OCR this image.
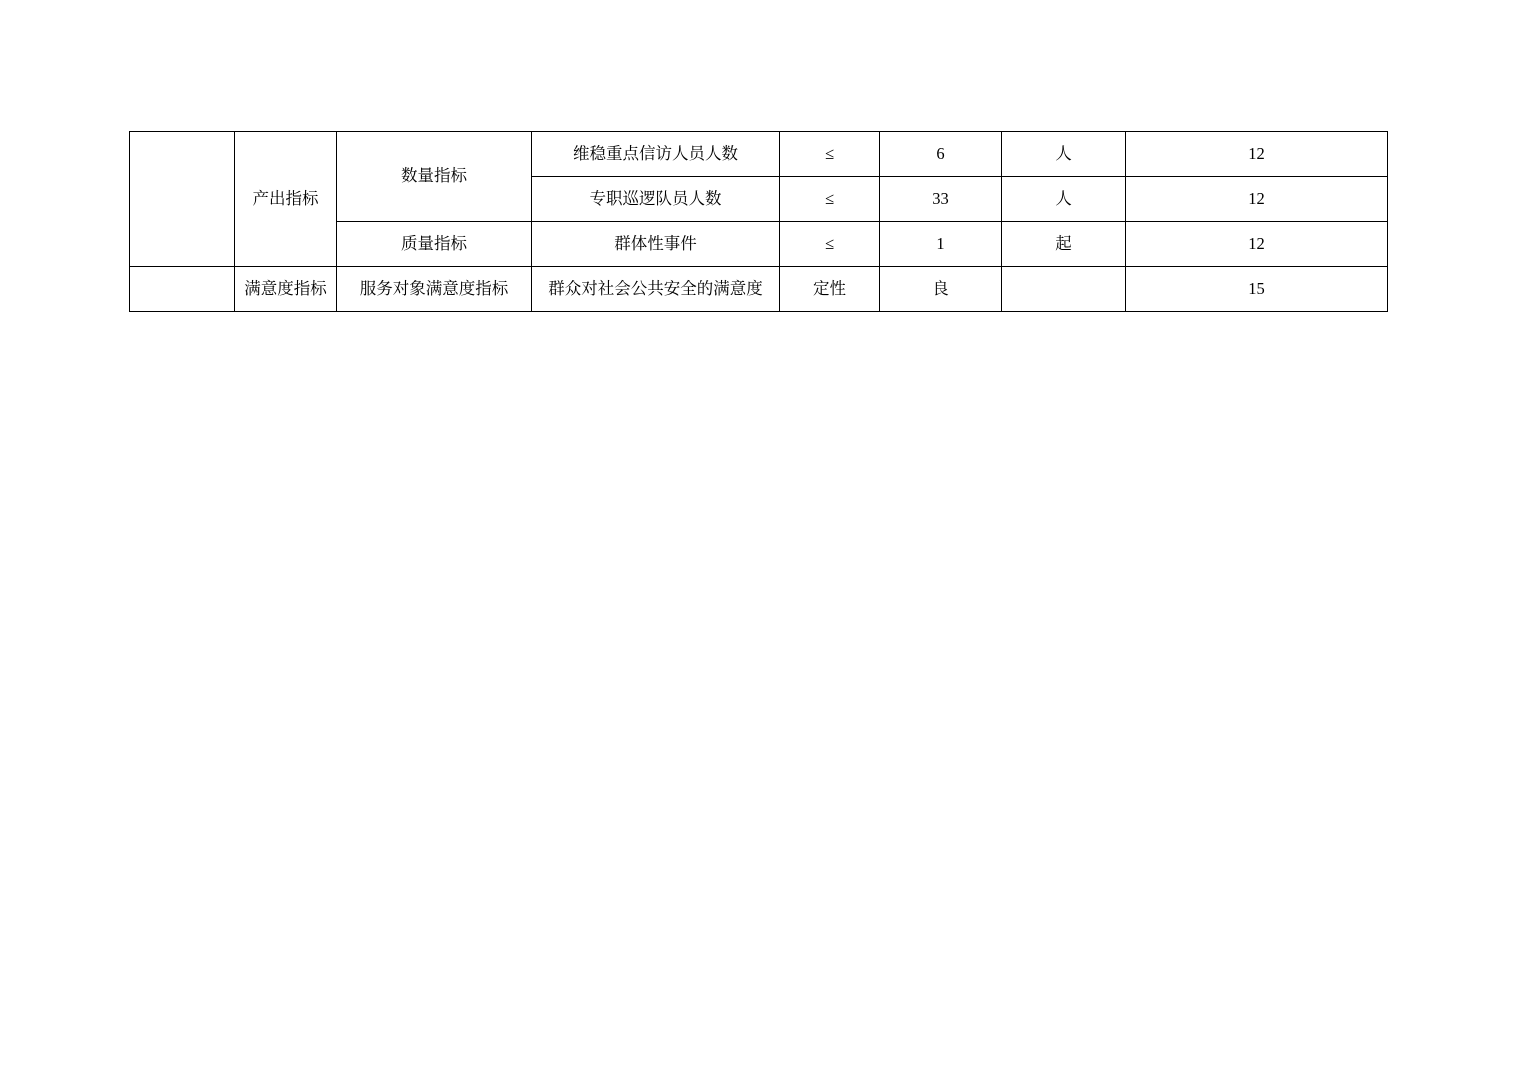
	产出指标	数量指标	维稳重点信访人员人数	≤	6	人	12
			专职巡逻队员人数	≤	33	人	12
		质量指标	群体性事件	≤	1	起	12
	满意度指标	服务对象满意度指标	群众对社会公共安全的满意度	定性	良		15
